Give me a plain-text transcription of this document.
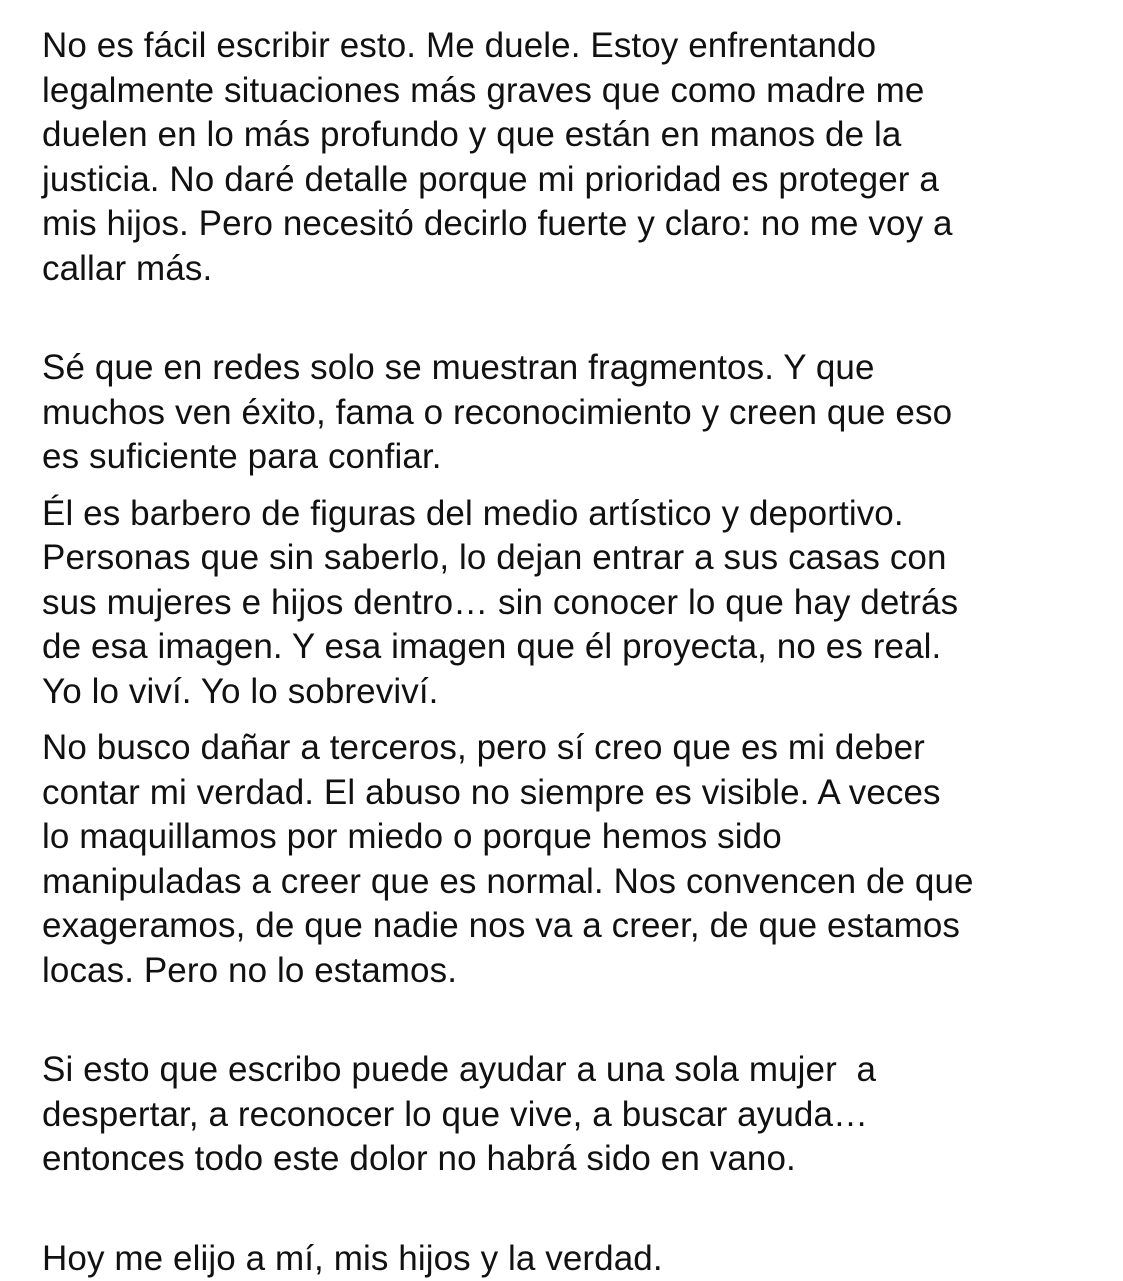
No es fácil escribir esto. Me duele. Estoy enfrentando
legalmente situaciones más graves que como madre me
duelen en lo más profundo y que están en manos de la
justicia. No daré detalle porque mi prioridad es proteger a
mis hijos. Pero necesitó decirlo fuerte y claro: no me voy a
callar más.
Sé que en redes solo se muestran fragmentos. Y que
muchos ven éxito, fama o reconocimiento y creen que eso
es suficiente para confiar.
Él es barbero de figuras del medio artístico y deportivo.
Personas que sin saberlo, lo dejan entrar a sus casas con
sus mujeres e hijos dentro… sin conocer lo que hay detrás
de esa imagen. Y esa imagen que él proyecta, no es real.
Yo lo viví. Yo lo sobreviví.
No busco dañar a terceros, pero sí creo que es mi deber
contar mi verdad. El abuso no siempre es visible. A veces
lo maquillamos por miedo o porque hemos sido
manipuladas a creer que es normal. Nos convencen de que
exageramos, de que nadie nos va a creer, de que estamos
locas. Pero no lo estamos.
Si esto que escribo puede ayudar a una sola mujer  a
despertar, a reconocer lo que vive, a buscar ayuda…
entonces todo este dolor no habrá sido en vano.
Hoy me elijo a mí, mis hijos y la verdad.
